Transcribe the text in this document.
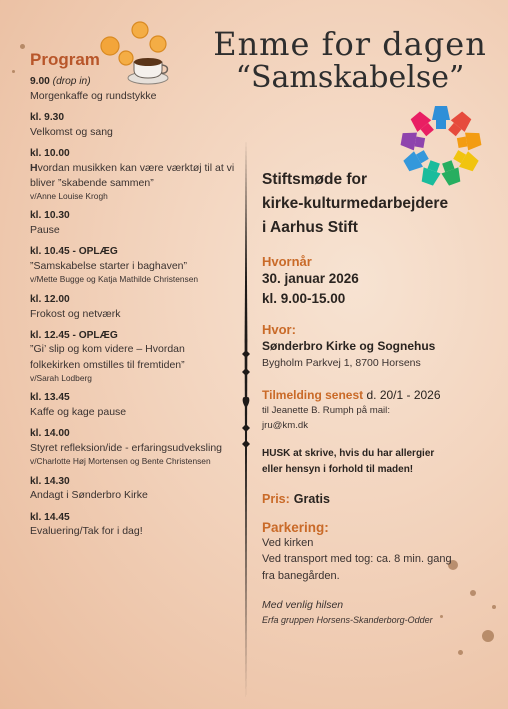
Enme for dagen
“Samskabelse”
Program
9.00 (drop in)
Morgenkaffe og rundstykke
kl. 9.30
Velkomst og sang
kl. 10.00
Hvordan musikken kan være værktøj til at vi bliver ”skabende sammen”
v/Anne Louise Krogh
kl. 10.30
Pause
kl. 10.45 - OPLÆG
”Samskabelse starter i baghaven”
v/Mette Bugge og Katja Mathilde Christensen
kl. 12.00
Frokost og netværk
kl. 12.45 - OPLÆG
”Gi’ slip og kom videre – Hvordan folkekirken omstilles til fremtiden”
v/Sarah Lodberg
kl. 13.45
Kaffe og kage pause
kl. 14.00
Styret refleksion/ide - erfaringsudveksling
v/Charlotte Høj Mortensen og Bente Christensen
kl. 14.30
Andagt i Sønderbro Kirke
kl. 14.45
Evaluering/Tak for i dag!

Stiftsmøde for

kirke-kulturmedarbejdere

i Aarhus Stift

Hvornår
30. januar 2026
kl. 9.00-15.00
Hvor:
Sønderbro Kirke og Sognehus
Bygholm Parkvej 1, 8700 Horsens
Tilmelding senest d. 20/1 - 2026
til Jeanette B. Rumph på mail:
jru@km.dk
HUSK at skrive, hvis du har allergier
eller hensyn i forhold til maden!
Pris: Gratis
Parkering:
Ved kirken
Ved transport med tog: ca. 8 min. gang
fra banegården.
Med venlig hilsen
Erfa gruppen Horsens-Skanderborg-Odder
